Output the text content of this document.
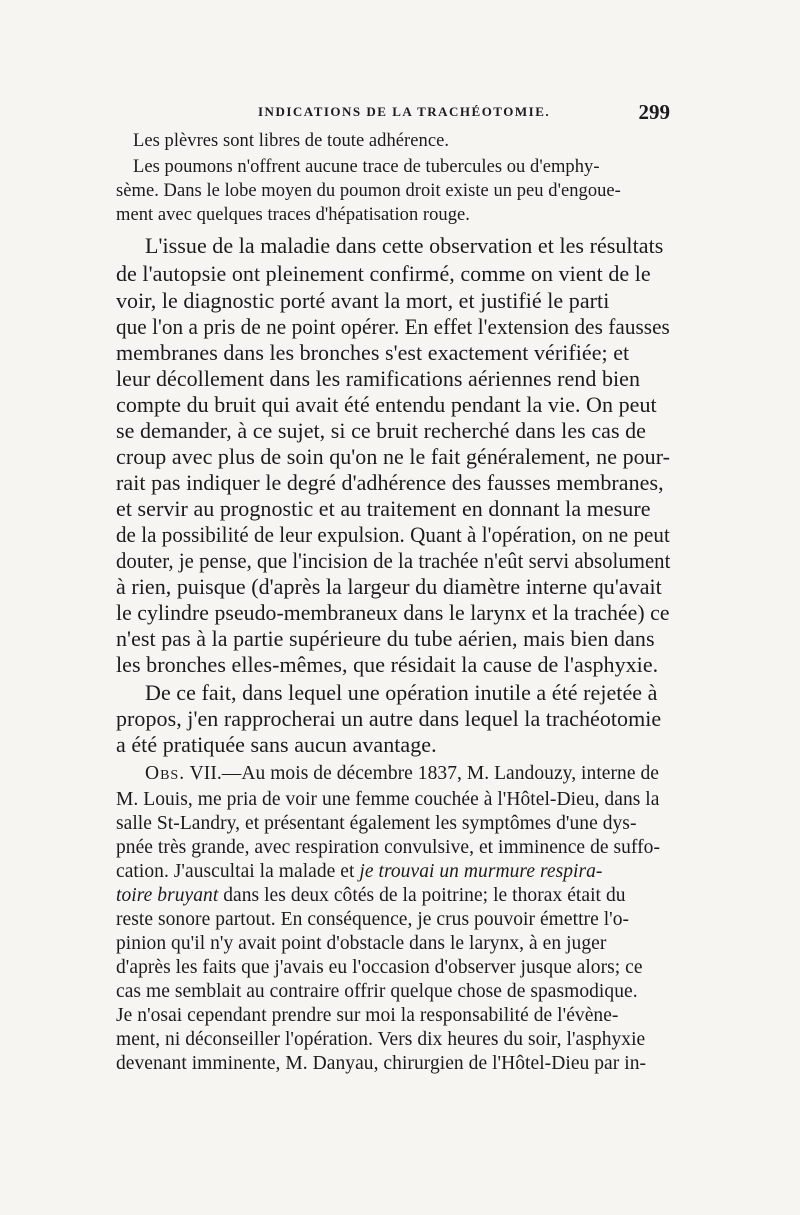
INDICATIONS DE LA TRACHÉOTOMIE.	299
Les plèvres sont libres de toute adhérence.
Les poumons n'offrent aucune trace de tubercules ou d'emphy-
sème. Dans le lobe moyen du poumon droit existe un peu d'engoue-
ment avec quelques traces d'hépatisation rouge.
L'issue de la maladie dans cette observation et les résultats
de l'autopsie ont pleinement confirmé, comme on vient de le
voir, le diagnostic porté avant la mort, et justifié le parti
que l'on a pris de ne point opérer. En effet l'extension des fausses
membranes dans les bronches s'est exactement vérifiée; et
leur décollement dans les ramifications aériennes rend bien
compte du bruit qui avait été entendu pendant la vie. On peut
se demander, à ce sujet, si ce bruit recherché dans les cas de
croup avec plus de soin qu'on ne le fait généralement, ne pour-
rait pas indiquer le degré d'adhérence des fausses membranes,
et servir au prognostic et au traitement en donnant la mesure
de la possibilité de leur expulsion. Quant à l'opération, on ne peut
douter, je pense, que l'incision de la trachée n'eût servi absolument
à rien, puisque (d'après la largeur du diamètre interne qu'avait
le cylindre pseudo-membraneux dans le larynx et la trachée) ce
n'est pas à la partie supérieure du tube aérien, mais bien dans
les bronches elles-mêmes, que résidait la cause de l'asphyxie.
De ce fait, dans lequel une opération inutile a été rejetée à
propos, j'en rapprocherai un autre dans lequel la trachéotomie
a été pratiquée sans aucun avantage.
Obs. VII.—Au mois de décembre 1837, M. Landouzy, interne de
M. Louis, me pria de voir une femme couchée à l'Hôtel-Dieu, dans la
salle St-Landry, et présentant également les symptômes d'une dys-
pnée très grande, avec respiration convulsive, et imminence de suffo-
cation. J'auscultai la malade et je trouvai un murmure respira-
toire bruyant dans les deux côtés de la poitrine; le thorax était du
reste sonore partout. En conséquence, je crus pouvoir émettre l'o-
pinion qu'il n'y avait point d'obstacle dans le larynx, à en juger
d'après les faits que j'avais eu l'occasion d'observer jusque alors; ce
cas me semblait au contraire offrir quelque chose de spasmodique.
Je n'osai cependant prendre sur moi la responsabilité de l'évène-
ment, ni déconseiller l'opération. Vers dix heures du soir, l'asphyxie
devenant imminente, M. Danyau, chirurgien de l'Hôtel-Dieu par in-
